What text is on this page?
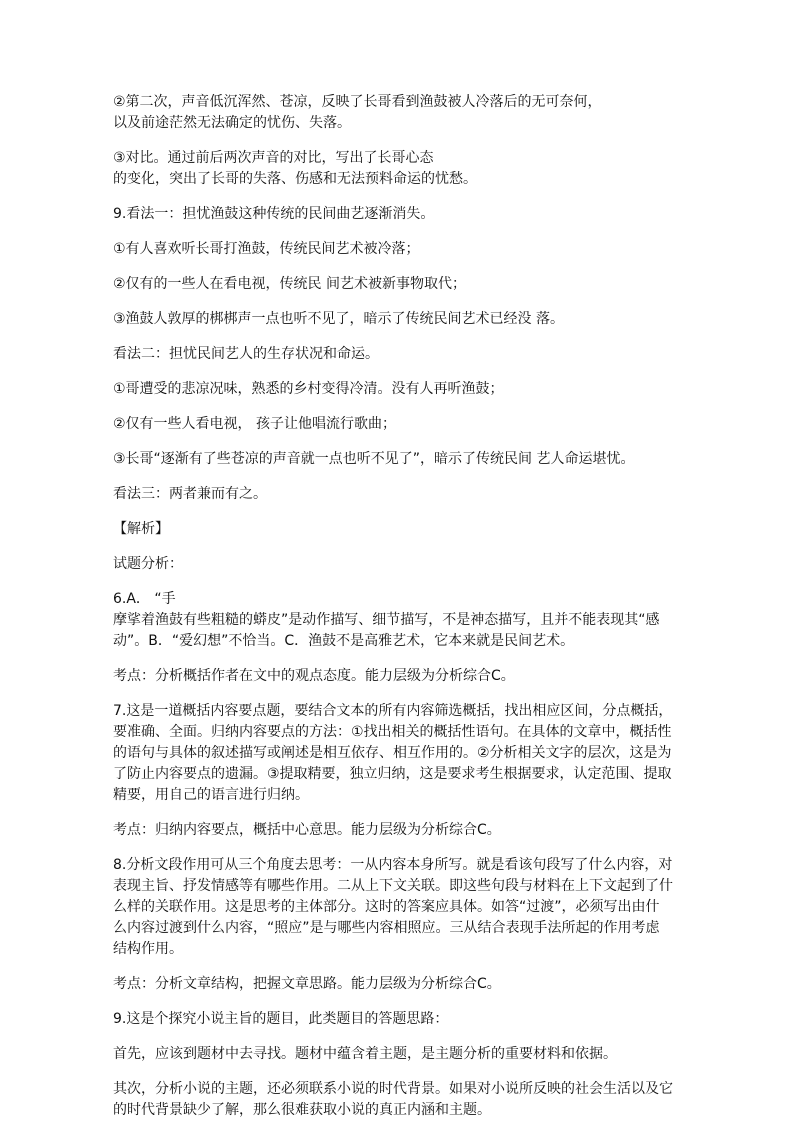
②第二次，声音低沉浑然、苍凉，反映了长哥看到渔鼓被人冷落后的无可奈何，
以及前途茫然无法确定的忧伤、失落。

③对比。通过前后两次声音的对比，写出了长哥心态
的变化，突出了长哥的失落、伤感和无法预料命运的忧愁。

9.看法一：担忧渔鼓这种传统的民间曲艺逐渐消失。

①有人喜欢听长哥打渔鼓，传统民间艺术被冷落；

②仅有的一些人在看电视，传统民 间艺术被新事物取代；

③渔鼓人敦厚的梆梆声一点也听不见了，暗示了传统民间艺术已经没 落。

看法二：担忧民间艺人的生存状况和命运。

①哥遭受的悲凉况味，熟悉的乡村变得冷清。没有人再听渔鼓；

②仅有一些人看电视， 孩子让他唱流行歌曲；

③长哥“逐渐有了些苍凉的声音就一点也听不见了”，暗示了传统民间 艺人命运堪忧。

看法三：两者兼而有之。

【解析】

试题分析：

6.A． “手
摩挲着渔鼓有些粗糙的蟒皮”是动作描写、细节描写，不是神态描写，且并不能表现其“感
动”。B．“爱幻想”不恰当。C．渔鼓不是高雅艺术，它本来就是民间艺术。

考点：分析概括作者在文中的观点态度。能力层级为分析综合C。

7.这是一道概括内容要点题，要结合文本的所有内容筛选概括，找出相应区间，分点概括，
要准确、全面。归纳内容要点的方法：①找出相关的概括性语句。在具体的文章中，概括性
的语句与具体的叙述描写或阐述是相互依存、相互作用的。②分析相关文字的层次，这是为
了防止内容要点的遗漏。③提取精要，独立归纳，这是要求考生根据要求，认定范围、提取
精要，用自己的语言进行归纳。

考点：归纳内容要点，概括中心意思。能力层级为分析综合C。

8.分析文段作用可从三个角度去思考：一从内容本身所写。就是看该句段写了什么内容，对
表现主旨、抒发情感等有哪些作用。二从上下文关联。即这些句段与材料在上下文起到了什
么样的关联作用。这是思考的主体部分。这时的答案应具体。如答“过渡”，必须写出由什
么内容过渡到什么内容，“照应”是与哪些内容相照应。三从结合表现手法所起的作用考虑
结构作用。

考点：分析文章结构，把握文章思路。能力层级为分析综合C。

9.这是个探究小说主旨的题目，此类题目的答题思路：

首先，应该到题材中去寻找。题材中蕴含着主题，是主题分析的重要材料和依据。

其次，分析小说的主题，还必须联系小说的时代背景。如果对小说所反映的社会生活以及它
的时代背景缺少了解，那么很难获取小说的真正内涵和主题。
